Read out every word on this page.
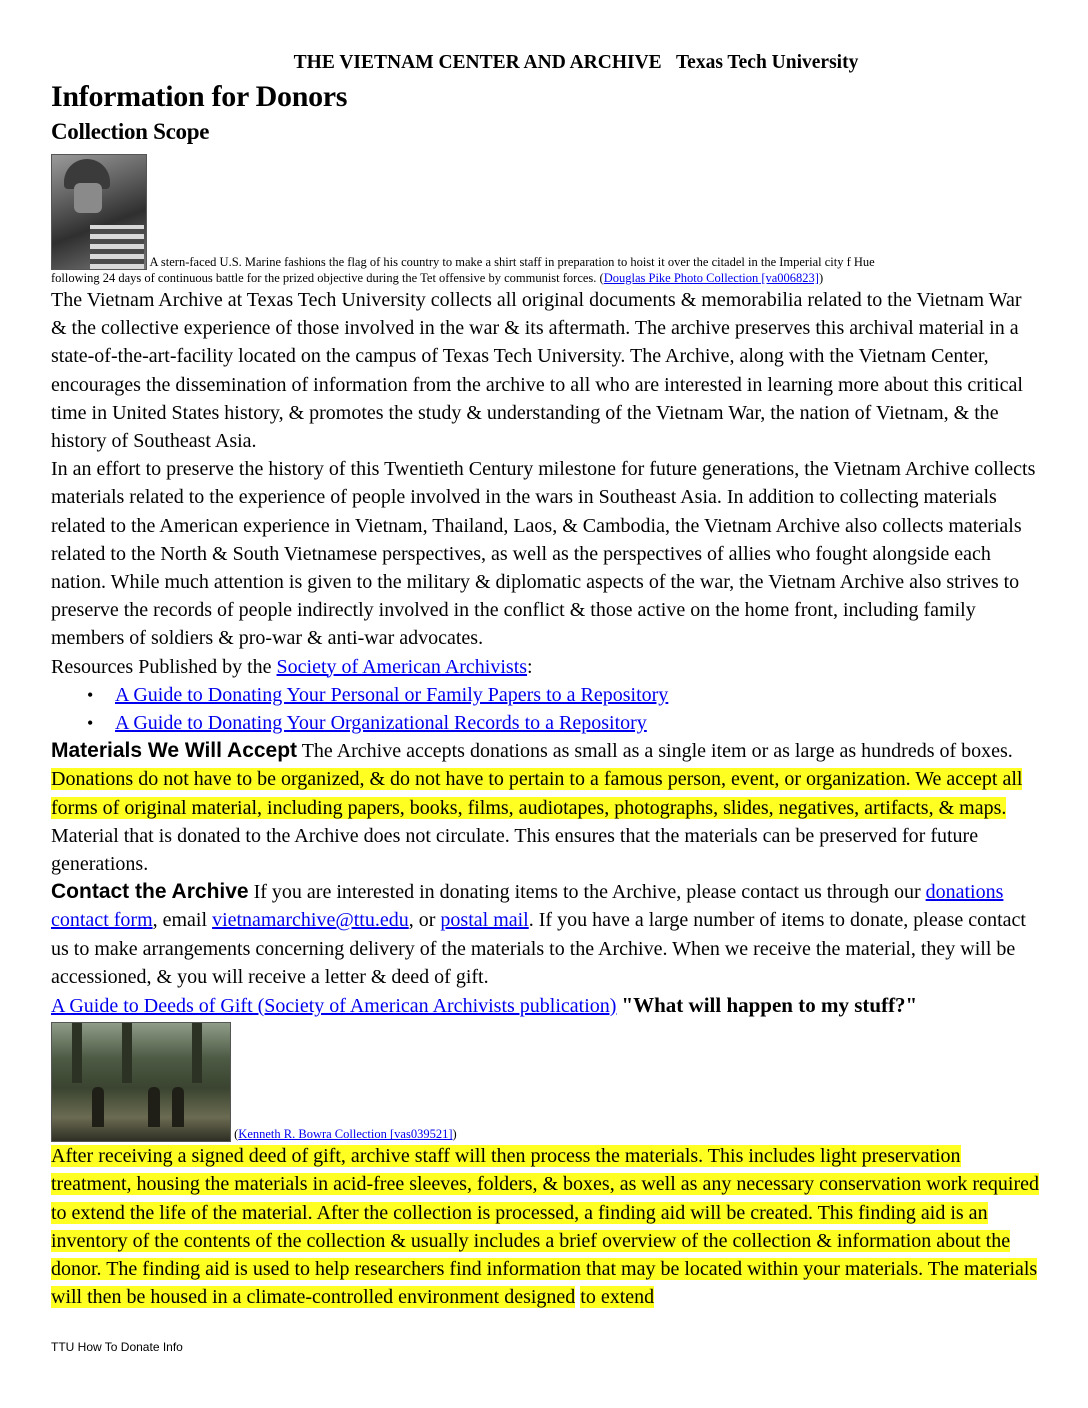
THE VIETNAM CENTER AND ARCHIVE   Texas Tech University
Information for Donors
Collection Scope

A stern-faced U.S. Marine fashions the flag of his country to make a shirt staff in preparation to hoist it over the citadel in the Imperial city f Hue

following 24 days of continuous battle for the prized objective during the Tet offensive by communist forces. (Douglas Pike Photo Collection [va006823])

The Vietnam Archive at Texas Tech University collects all original documents & memorabilia related to the Vietnam War & the collective experience of those involved in the war & its aftermath. The archive preserves this archival material in a state-of-the-art-facility located on the campus of Texas Tech University. The Archive, along with the Vietnam Center, encourages the dissemination of information from the archive to all who are interested in learning more about this critical time in United States history, & promotes the study & understanding of the Vietnam War, the nation of Vietnam, & the history of Southeast Asia.

In an effort to preserve the history of this Twentieth Century milestone for future generations, the Vietnam Archive collects materials related to the experience of people involved in the wars in Southeast Asia. In addition to collecting materials related to the American experience in Vietnam, Thailand, Laos, & Cambodia, the Vietnam Archive also collects materials related to the North & South Vietnamese perspectives, as well as the perspectives of allies who fought alongside each nation. While much attention is given to the military & diplomatic aspects of the war, the Vietnam Archive also strives to preserve the records of people indirectly involved in the conflict & those active on the home front, including family members of soldiers & pro-war & anti-war advocates.

Resources Published by the Society of American Archivists:

• A Guide to Donating Your Personal or Family Papers to a Repository
• A Guide to Donating Your Organizational Records to a Repository

Materials We Will Accept The Archive accepts donations as small as a single item or as large as hundreds of boxes. Donations do not have to be organized, & do not have to pertain to a famous person, event, or organization. We accept all forms of original material, including papers, books, films, audiotapes, photographs, slides, negatives, artifacts, & maps. Material that is donated to the Archive does not circulate. This ensures that the materials can be preserved for future generations.

Contact the Archive If you are interested in donating items to the Archive, please contact us through our donations contact form, email vietnamarchive@ttu.edu, or postal mail. If you have a large number of items to donate, please contact us to make arrangements concerning delivery of the materials to the Archive. When we receive the material, they will be accessioned, & you will receive a letter & deed of gift.

A Guide to Deeds of Gift (Society of American Archivists publication) "What will happen to my stuff?"

(Kenneth R. Bowra Collection [vas039521])

After receiving a signed deed of gift, archive staff will then process the materials. This includes light preservation treatment, housing the materials in acid-free sleeves, folders, & boxes, as well as any necessary conservation work required to extend the life of the material. After the collection is processed, a finding aid will be created. This finding aid is an inventory of the contents of the collection & usually includes a brief overview of the collection & information about the donor. The finding aid is used to help researchers find information that may be located within your materials. The materials will then be housed in a climate-controlled environment designed to extend

TTU How To Donate Info
